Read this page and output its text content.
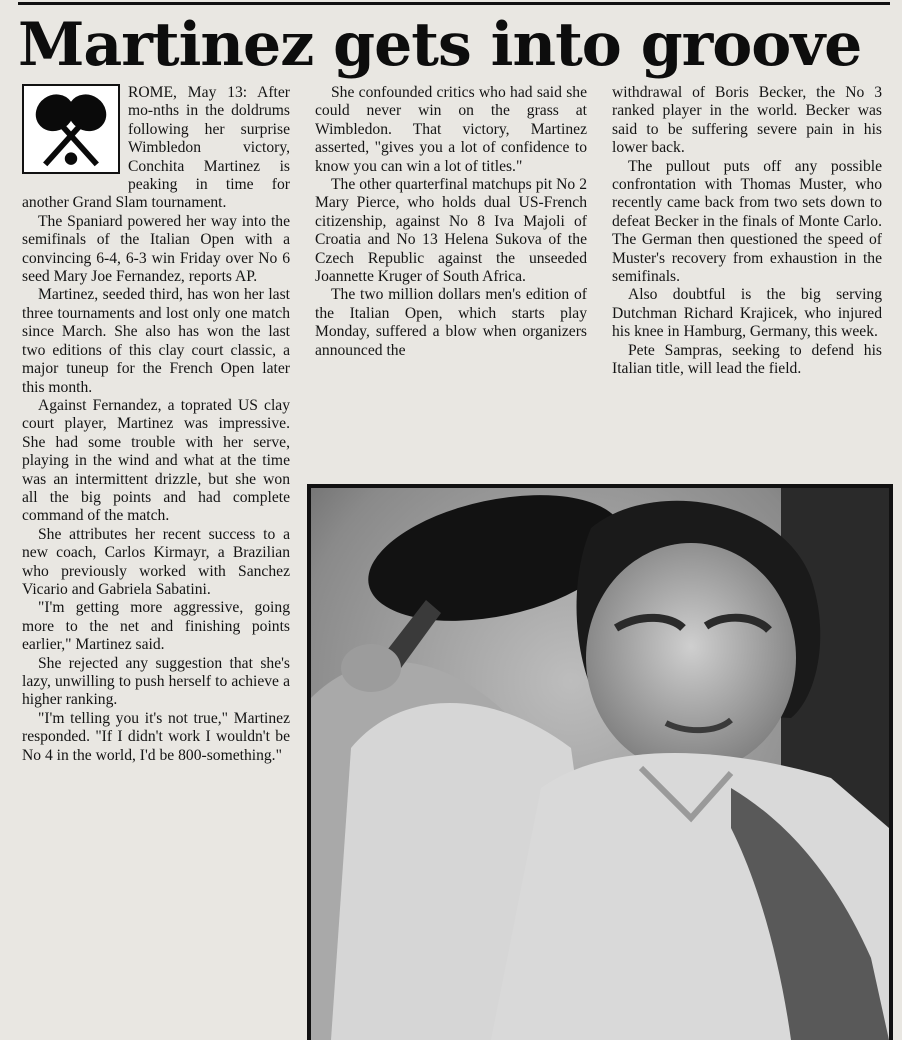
Martinez gets into groove

ROME, May 13: After mo-nths in the doldrums following her surprise Wimbledon victory, Conchita Martinez is peaking in time for another Grand Slam tournament.

The Spaniard powered her way into the semifinals of the Italian Open with a convincing 6-4, 6-3 win Friday over No 6 seed Mary Joe Fernandez, reports AP.

Martinez, seeded third, has won her last three tournaments and lost only one match since March. She also has won the last two editions of this clay court classic, a major tuneup for the French Open later this month.

Against Fernandez, a toprated US clay court player, Martinez was impressive. She had some trouble with her serve, playing in the wind and what at the time was an intermittent drizzle, but she won all the big points and had complete command of the match.

She attributes her recent success to a new coach, Carlos Kirmayr, a Brazilian who previously worked with Sanchez Vicario and Gabriela Sabatini.

"I'm getting more aggressive, going more to the net and finishing points earlier," Martinez said.

She rejected any suggestion that she's lazy, unwilling to push herself to achieve a higher ranking.

"I'm telling you it's not true," Martinez responded. "If I didn't work I wouldn't be No 4 in the world, I'd be 800-something."

She confounded critics who had said she could never win on the grass at Wimbledon. That victory, Martinez asserted, "gives you a lot of confidence to know you can win a lot of titles."

The other quarterfinal matchups pit No 2 Mary Pierce, who holds dual US-French citizenship, against No 8 Iva Majoli of Croatia and No 13 Helena Sukova of the Czech Republic against the unseeded Joannette Kruger of South Africa.

The two million dollars men's edition of the Italian Open, which starts play Monday, suffered a blow when organizers announced the

withdrawal of Boris Becker, the No 3 ranked player in the world. Becker was said to be suffering severe pain in his lower back.

The pullout puts off any possible confrontation with Thomas Muster, who recently came back from two sets down to defeat Becker in the finals of Monte Carlo. The German then questioned the speed of Muster's recovery from exhaustion in the semifinals.

Also doubtful is the big serving Dutchman Richard Krajicek, who injured his knee in Hamburg, Germany, this week.

Pete Sampras, seeking to defend his Italian title, will lead the field.
